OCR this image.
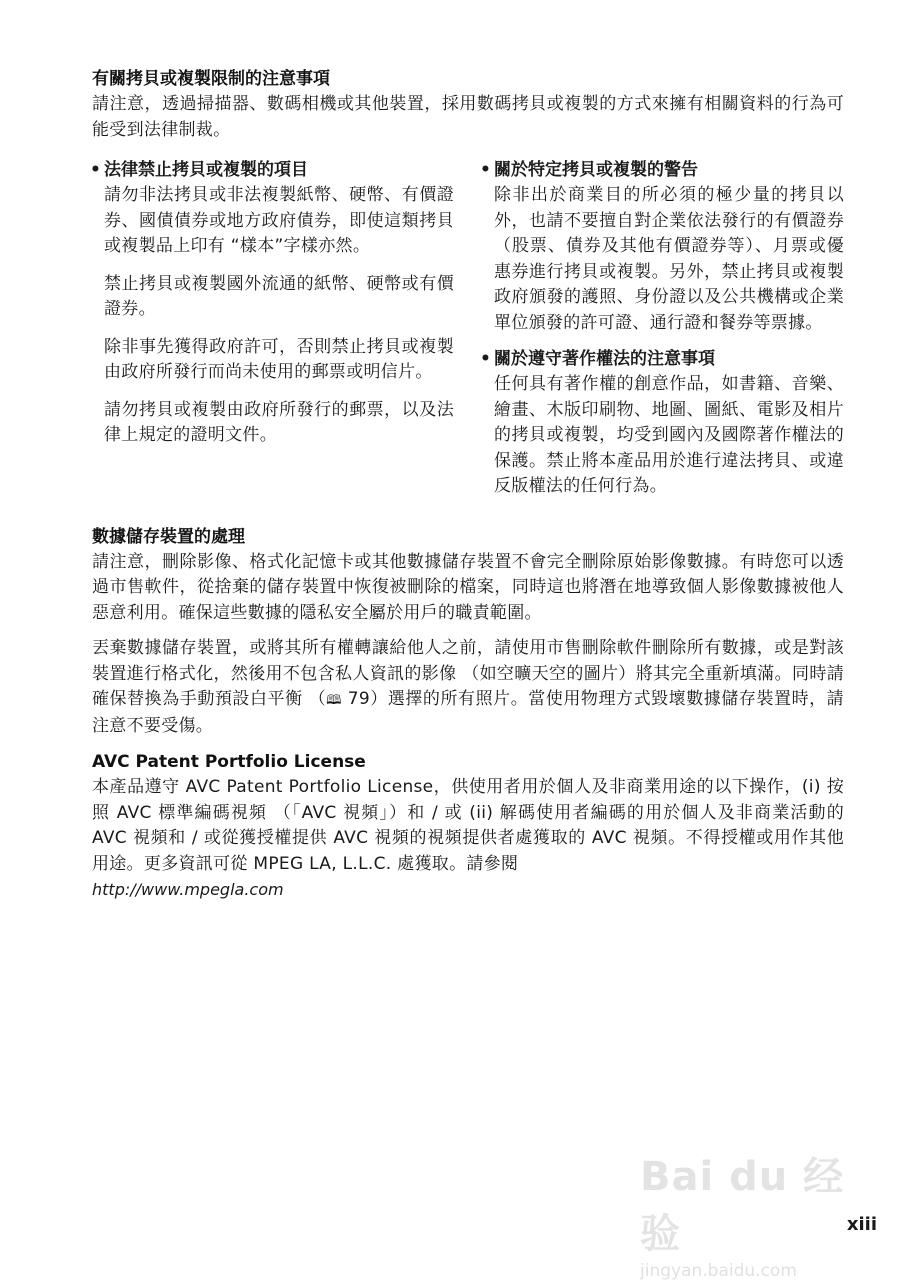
有關拷貝或複製限制的注意事項

請注意，透過掃描器、數碼相機或其他裝置，採用數碼拷貝或複製的方式來擁有相關資料的行為可能受到法律制裁。

• 法律禁止拷貝或複製的項目

請勿非法拷貝或非法複製紙幣、硬幣、有價證券、國債債券或地方政府債券，即使這類拷貝或複製品上印有 “樣本”字樣亦然。

禁止拷貝或複製國外流通的紙幣、硬幣或有價證券。

除非事先獲得政府許可，否則禁止拷貝或複製由政府所發行而尚未使用的郵票或明信片。

請勿拷貝或複製由政府所發行的郵票，以及法律上規定的證明文件。

• 關於特定拷貝或複製的警告

除非出於商業目的所必須的極少量的拷貝以外，也請不要擅自對企業依法發行的有價證券（股票、債券及其他有價證券等）、月票或優惠券進行拷貝或複製。另外，禁止拷貝或複製政府頒發的護照、身份證以及公共機構或企業單位頒發的許可證、通行證和餐券等票據。

• 關於遵守著作權法的注意事項

任何具有著作權的創意作品，如書籍、音樂、繪畫、木版印刷物、地圖、圖紙、電影及相片的拷貝或複製，均受到國內及國際著作權法的保護。禁止將本產品用於進行違法拷貝、或違反版權法的任何行為。

數據儲存裝置的處理

請注意，刪除影像、格式化記憶卡或其他數據儲存裝置不會完全刪除原始影像數據。有時您可以透過市售軟件，從捨棄的儲存裝置中恢復被刪除的檔案，同時這也將潛在地導致個人影像數據被他人惡意利用。確保這些數據的隱私安全屬於用戶的職責範圍。

丟棄數據儲存裝置，或將其所有權轉讓給他人之前，請使用市售刪除軟件刪除所有數據，或是對該裝置進行格式化，然後用不包含私人資訊的影像 （如空曠天空的圖片）將其完全重新填滿。同時請確保替換為手動預設白平衡 （🕮 79）選擇的所有照片。當使用物理方式毀壞數據儲存裝置時，請注意不要受傷。

AVC Patent Portfolio License

本產品遵守 AVC Patent Portfolio License，供使用者用於個人及非商業用途的以下操作，(i) 按照 AVC 標準編碼視頻 （「AVC 視頻」）和 / 或 (ii) 解碼使用者編碼的用於個人及非商業活動的 AVC 視頻和 / 或從獲授權提供 AVC 視頻的視頻提供者處獲取的 AVC 視頻。不得授權或用作其他用途。更多資訊可從 MPEG LA, L.L.C. 處獲取。請參閱

http://www.mpegla.com
Bai du 经验
jingyan.baidu.com
xiii
